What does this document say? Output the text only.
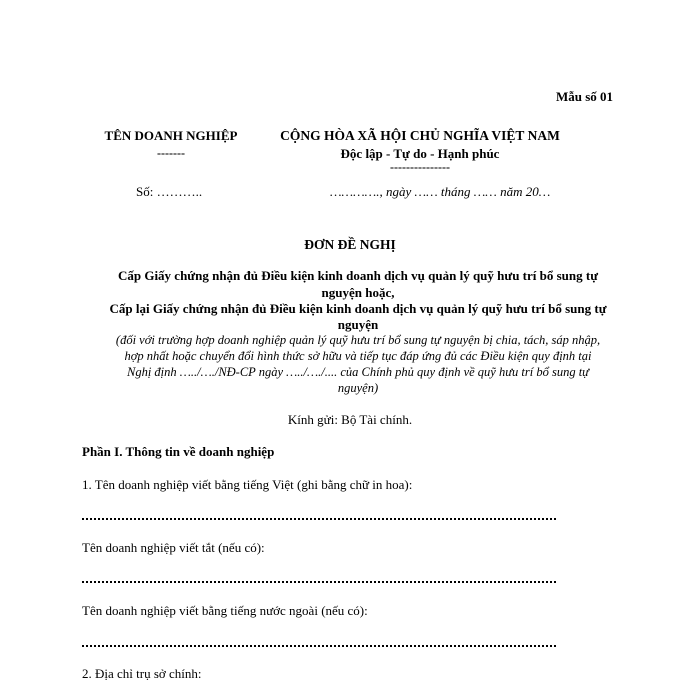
Mẫu số 01
TÊN DOANH NGHIỆP
-------
CỘNG HÒA XÃ HỘI CHỦ NGHĨA VIỆT NAM
Độc lập - Tự do - Hạnh phúc
---------------
Số: ………..	…………., ngày …… tháng …… năm 20…
ĐƠN ĐỀ NGHỊ
Cấp Giấy chứng nhận đủ Điều kiện kinh doanh dịch vụ quản lý quỹ hưu trí bổ sung tự
nguyện hoặc,
Cấp lại Giấy chứng nhận đủ Điều kiện kinh doanh dịch vụ quản lý quỹ hưu trí bổ sung tự
nguyện
(đối với trường hợp doanh nghiệp quản lý quỹ hưu trí bổ sung tự nguyện bị chia, tách, sáp nhập,
hợp nhất hoặc chuyển đổi hình thức sở hữu và tiếp tục đáp ứng đủ các Điều kiện quy định tại
Nghị định …../…./NĐ-CP ngày …../…./.... của Chính phủ quy định về quỹ hưu trí bổ sung tự
nguyện)
Kính gửi: Bộ Tài chính.
Phần I. Thông tin về doanh nghiệp
1. Tên doanh nghiệp viết bằng tiếng Việt (ghi bằng chữ in hoa):
Tên doanh nghiệp viết tắt (nếu có):
Tên doanh nghiệp viết bằng tiếng nước ngoài (nếu có):
2. Địa chỉ trụ sở chính:
